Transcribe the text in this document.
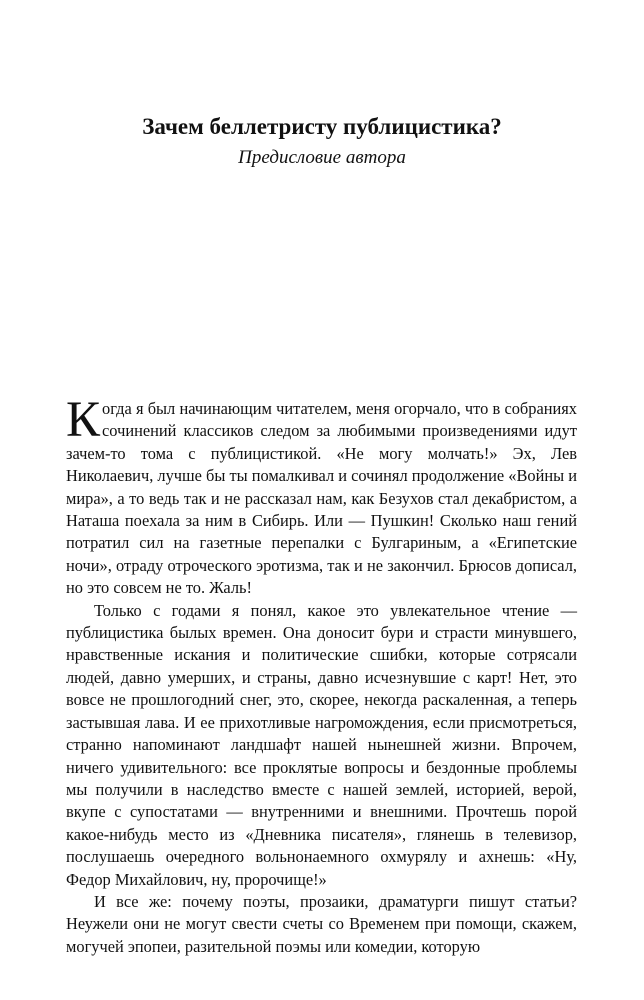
Зачем беллетристу публицистика?
Предисловие автора

Когда я был начинающим читателем, меня огорчало, что в собраниях сочинений классиков следом за любимыми произведениями идут зачем-то тома с публицистикой. «Не могу молчать!» Эх, Лев Николаевич, лучше бы ты помалкивал и сочинял продолжение «Войны и мира», а то ведь так и не рассказал нам, как Безухов стал декабристом, а Наташа поехала за ним в Сибирь. Или — Пушкин! Сколько наш гений потратил сил на газетные перепалки с Булгариным, а «Египетские ночи», отраду отроческого эротизма, так и не закончил. Брюсов дописал, но это совсем не то. Жаль!

Только с годами я понял, какое это увлекательное чтение — публицистика былых времен. Она доносит бури и страсти минувшего, нравственные искания и политические сшибки, которые сотрясали людей, давно умерших, и страны, давно исчезнувшие с карт! Нет, это вовсе не прошлогодний снег, это, скорее, некогда раскаленная, а теперь застывшая лава. И ее прихотливые нагромождения, если присмотреться, странно напоминают ландшафт нашей нынешней жизни. Впрочем, ничего удивительного: все проклятые вопросы и бездонные проблемы мы получили в наследство вместе с нашей землей, историей, верой, вкупе с супостатами — внутренними и внешними. Прочтешь порой какое-нибудь место из «Дневника писателя», глянешь в телевизор, послушаешь очередного вольнонаемного охмурялу и ахнешь: «Ну, Федор Михайлович, ну, пророчище!»

И все же: почему поэты, прозаики, драматурги пишут статьи? Неужели они не могут свести счеты со Временем при помощи, скажем, могучей эпопеи, разительной поэмы или комедии, которую
